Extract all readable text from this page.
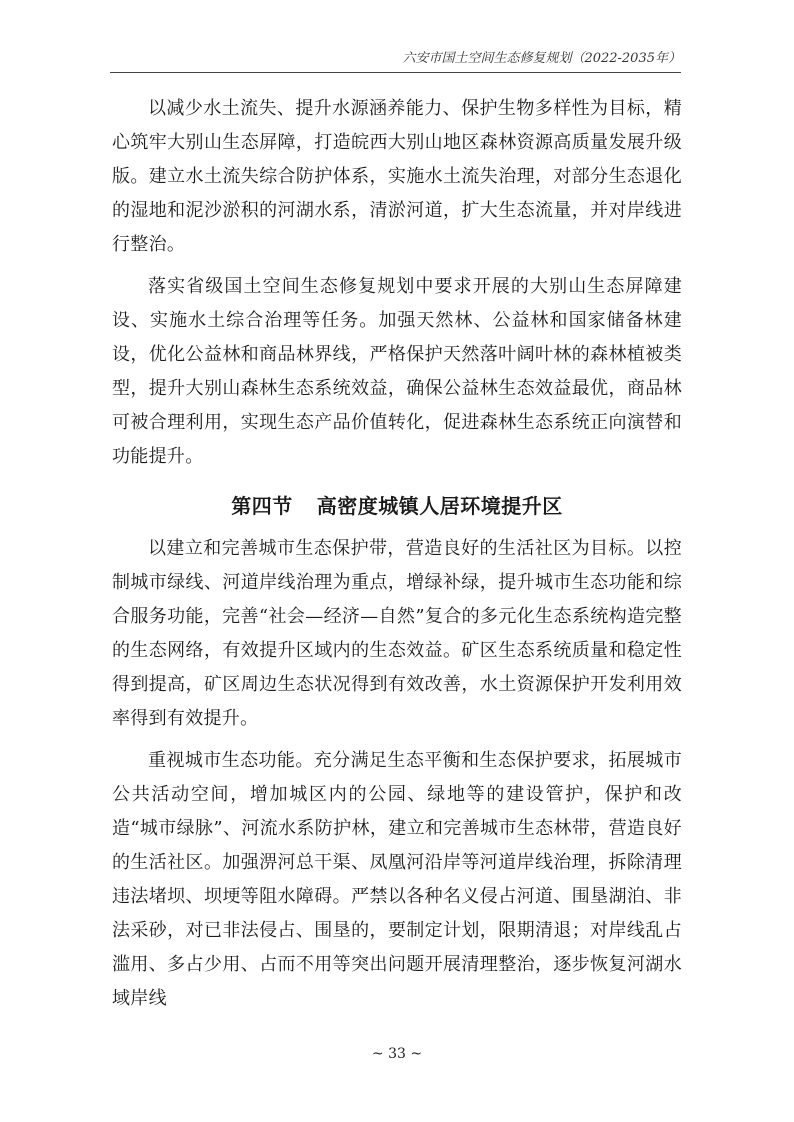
六安市国土空间生态修复规划（2022-2035年）

以减少水土流失、提升水源涵养能力、保护生物多样性为目标，精心筑牢大别山生态屏障，打造皖西大别山地区森林资源高质量发展升级版。建立水土流失综合防护体系，实施水土流失治理，对部分生态退化的湿地和泥沙淤积的河湖水系，清淤河道，扩大生态流量，并对岸线进行整治。

落实省级国土空间生态修复规划中要求开展的大别山生态屏障建设、实施水土综合治理等任务。加强天然林、公益林和国家储备林建设，优化公益林和商品林界线，严格保护天然落叶阔叶林的森林植被类型，提升大别山森林生态系统效益，确保公益林生态效益最优，商品林可被合理利用，实现生态产品价值转化，促进森林生态系统正向演替和功能提升。

第四节 高密度城镇人居环境提升区

以建立和完善城市生态保护带，营造良好的生活社区为目标。以控制城市绿线、河道岸线治理为重点，增绿补绿，提升城市生态功能和综合服务功能，完善“社会—经济—自然”复合的多元化生态系统构造完整的生态网络，有效提升区域内的生态效益。矿区生态系统质量和稳定性得到提高，矿区周边生态状况得到有效改善，水土资源保护开发利用效率得到有效提升。

重视城市生态功能。充分满足生态平衡和生态保护要求，拓展城市公共活动空间，增加城区内的公园、绿地等的建设管护，保护和改造“城市绿脉”、河流水系防护林，建立和完善城市生态林带，营造良好的生活社区。加强淠河总干渠、凤凰河沿岸等河道岸线治理，拆除清理违法堵坝、坝埂等阻水障碍。严禁以各种名义侵占河道、围垦湖泊、非法采砂，对已非法侵占、围垦的，要制定计划，限期清退；对岸线乱占滥用、多占少用、占而不用等突出问题开展清理整治，逐步恢复河湖水域岸线

~ 33 ~
